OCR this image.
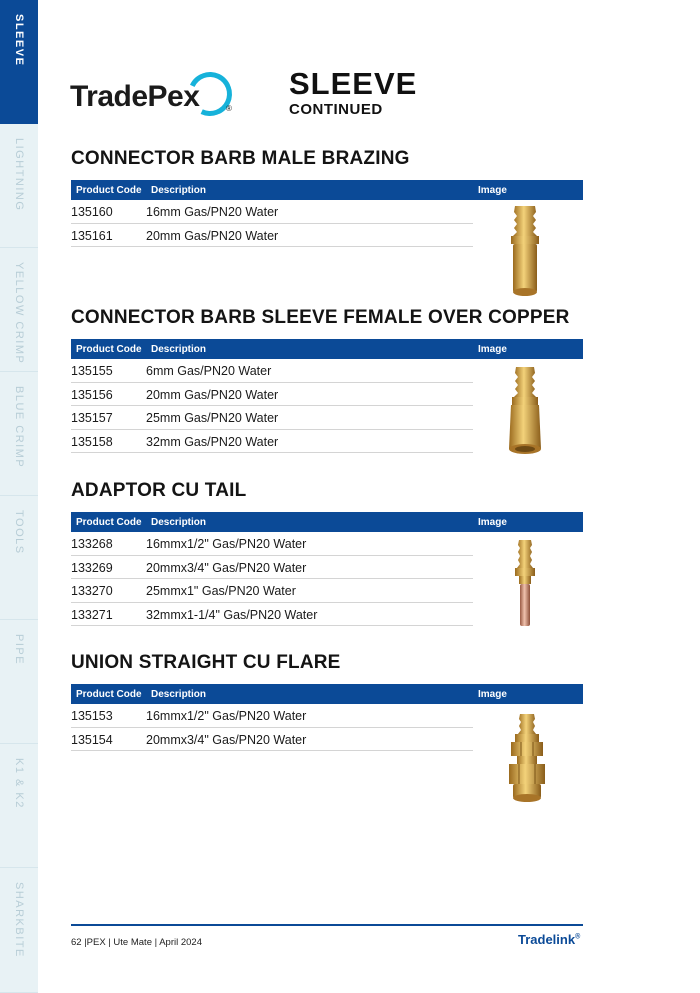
SLEEVE
LIGHTNING
YELLOW CRIMP
BLUE CRIMP
TOOLS
PIPE
K1 & K2
SHARKBITE
TradePex	®
SLEEVE
CONTINUED
CONNECTOR BARB MALE BRAZING
Product Code Description	Image
135160	16mm Gas/PN20 Water
135161	20mm Gas/PN20 Water
CONNECTOR BARB SLEEVE FEMALE OVER COPPER
Product Code Description	Image
135155	6mm Gas/PN20 Water
135156	20mm Gas/PN20 Water
135157	25mm Gas/PN20 Water
135158	32mm Gas/PN20 Water
ADAPTOR CU TAIL
Product Code Description	Image
133268	16mmx1/2" Gas/PN20 Water
133269	20mmx3/4" Gas/PN20 Water
133270	25mmx1" Gas/PN20 Water
133271	32mmx1-1/4" Gas/PN20 Water
UNION STRAIGHT CU FLARE
Product Code Description	Image
135153	16mmx1/2" Gas/PN20 Water
135154	20mmx3/4" Gas/PN20 Water
62 |PEX | Ute Mate | April 2024	Tradelink®
